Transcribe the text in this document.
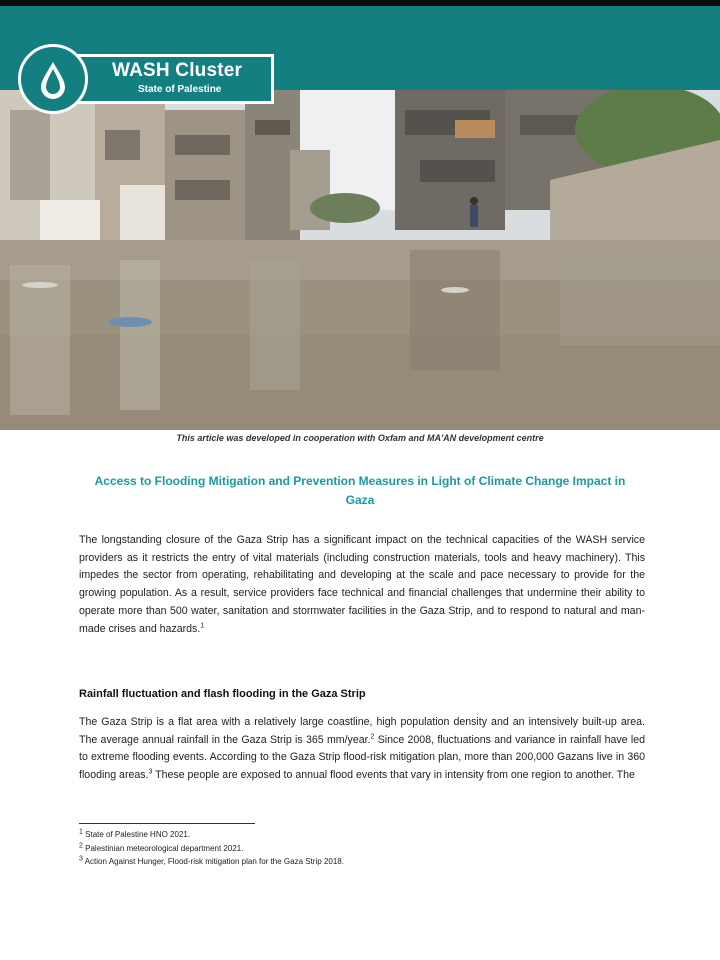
WASH Cluster
State of Palestine
This article was developed in cooperation with Oxfam and MA'AN development centre
Access to Flooding Mitigation and Prevention Measures in Light of Climate Change Impact in Gaza
The longstanding closure of the Gaza Strip has a significant impact on the technical capacities of the WASH service providers as it restricts the entry of vital materials (including construction materials, tools and heavy machinery). This impedes the sector from operating, rehabilitating and developing at the scale and pace necessary to provide for the growing population. As a result, service providers face technical and financial challenges that undermine their ability to operate more than 500 water, sanitation and stormwater facilities in the Gaza Strip, and to respond to natural and man-made crises and hazards.$^1$
Rainfall fluctuation and flash flooding in the Gaza Strip
The Gaza Strip is a flat area with a relatively large coastline, high population density and an intensively built-up area. The average annual rainfall in the Gaza Strip is 365 mm/year.$^2$ Since 2008, fluctuations and variance in rainfall have led to extreme flooding events. According to the Gaza Strip flood-risk mitigation plan, more than 200,000 Gazans live in 360 flooding areas.$^3$ These people are exposed to annual flood events that vary in intensity from one region to another. The
$^1$ State of Palestine HNO 2021.
$^2$ Palestinian meteorological department 2021.
$^3$ Action Against Hunger, Flood-risk mitigation plan for the Gaza Strip 2018.
